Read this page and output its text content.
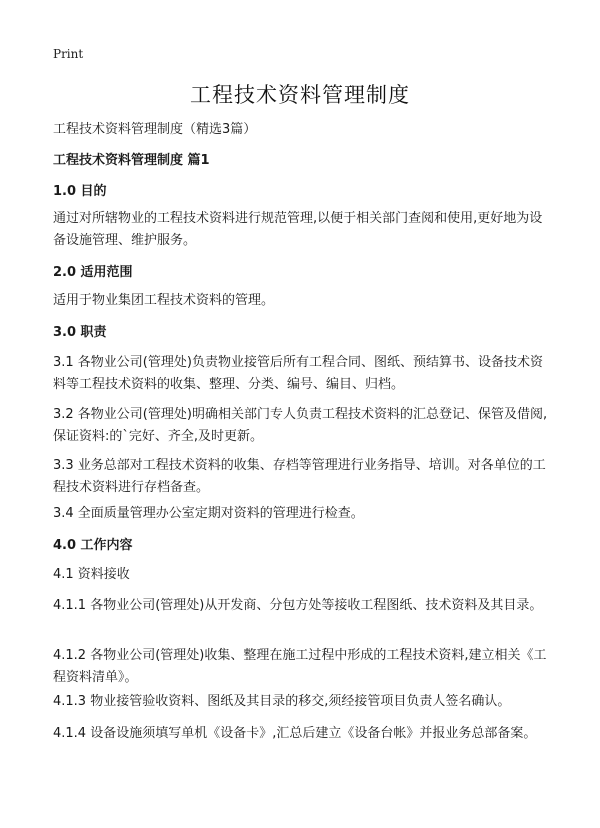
Print
工程技术资料管理制度
工程技术资料管理制度（精选3篇）
工程技术资料管理制度 篇1
1.0 目的
通过对所辖物业的工程技术资料进行规范管理,以便于相关部门查阅和使用,更好地为设备设施管理、维护服务。
2.0 适用范围
适用于物业集团工程技术资料的管理。
3.0 职责
3.1 各物业公司(管理处)负责物业接管后所有工程合同、图纸、预结算书、设备技术资料等工程技术资料的收集、整理、分类、编号、编目、归档。
3.2 各物业公司(管理处)明确相关部门专人负责工程技术资料的汇总登记、保管及借阅,保证资料:的`完好、齐全,及时更新。
3.3 业务总部对工程技术资料的收集、存档等管理进行业务指导、培训。对各单位的工程技术资料进行存档备查。
3.4 全面质量管理办公室定期对资料的管理进行检查。
4.0 工作内容
4.1 资料接收
4.1.1 各物业公司(管理处)从开发商、分包方处等接收工程图纸、技术资料及其目录。
4.1.2 各物业公司(管理处)收集、整理在施工过程中形成的工程技术资料,建立相关《工程资料清单》。
4.1.3 物业接管验收资料、图纸及其目录的移交,须经接管项目负责人签名确认。
4.1.4 设备设施须填写单机《设备卡》,汇总后建立《设备台帐》并报业务总部备案。
